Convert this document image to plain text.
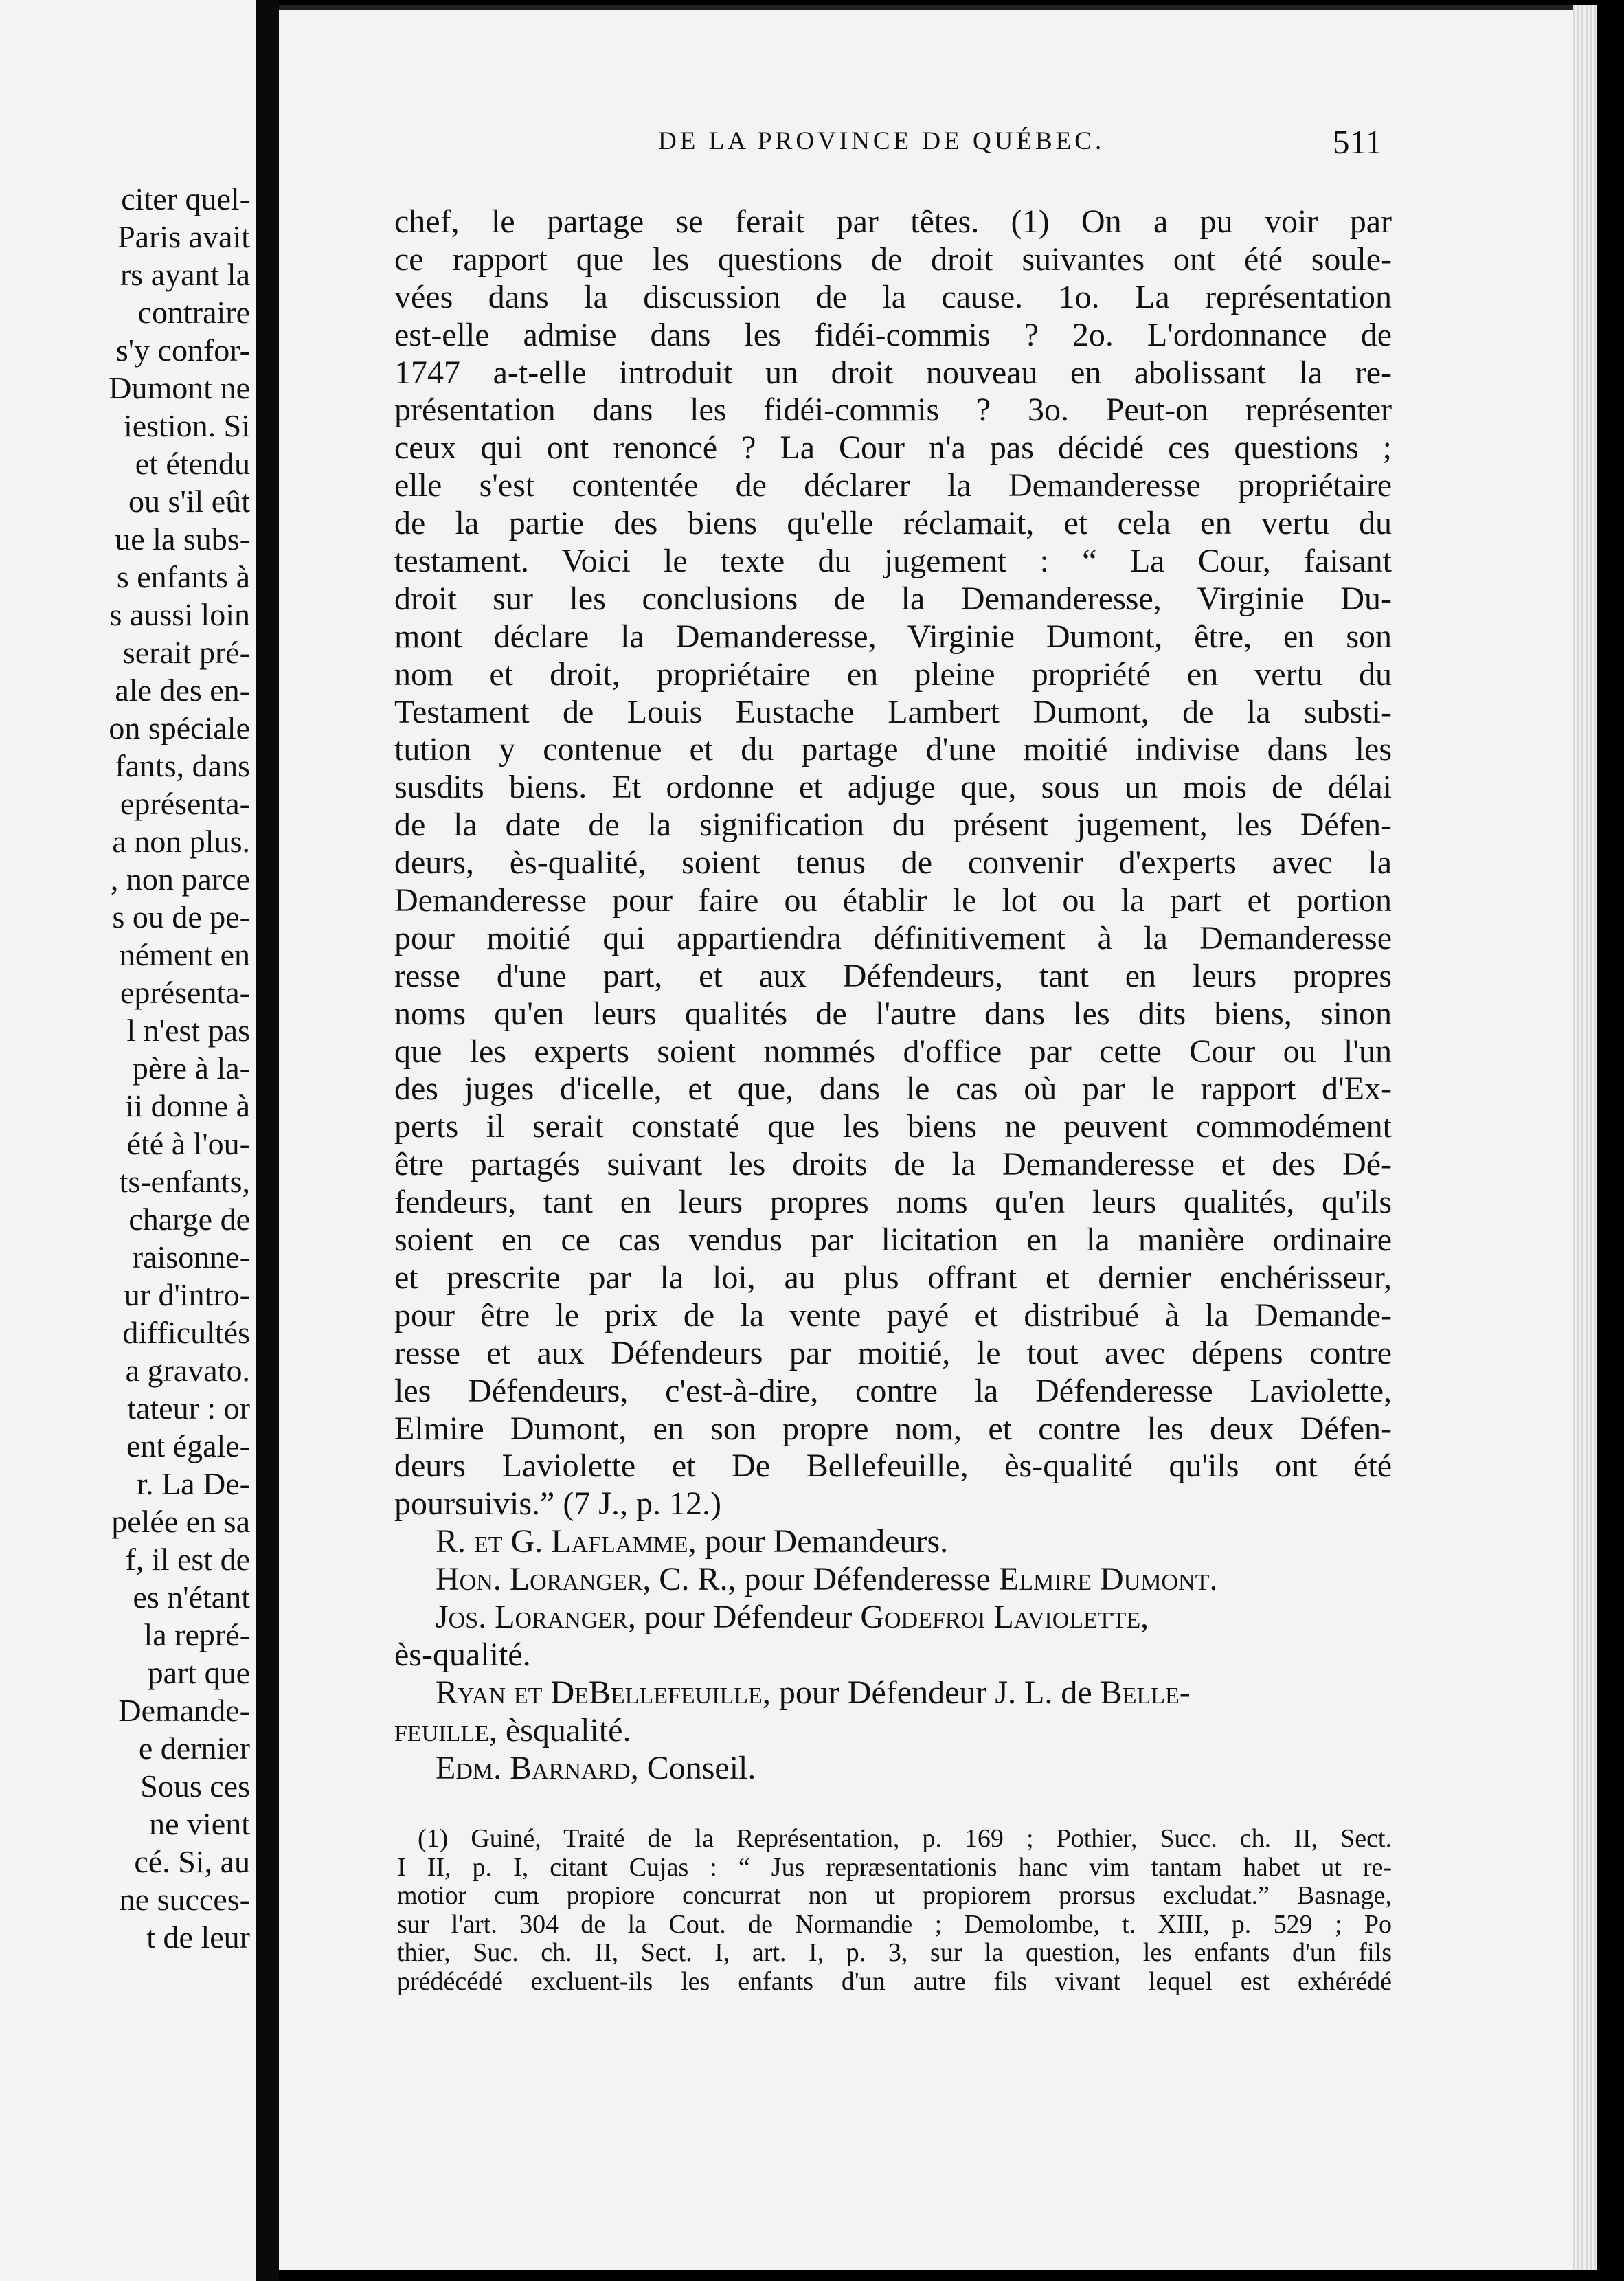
citer quel-
Paris avait
rs ayant la
contraire
s'y confor-
Dumont ne
iestion. Si
et étendu
ou s'il eût
ue la subs-
s enfants à
s aussi loin
serait pré-
ale des en-
on spéciale
fants, dans
eprésenta-
a non plus.
, non parce
s ou de pe-
nément en
eprésenta-
l n'est pas
père à la-
ii donne à
été à l'ou-
ts-enfants,
charge de
raisonne-
ur d'intro-
difficultés
a gravato.
tateur : or
ent égale-
r. La De-
pelée en sa
f, il est de
es n'étant
la repré-
part que
Demande-
e dernier
Sous ces
ne vient
cé. Si, au
ne succes-
t de leur
DE LA PROVINCE DE QUÉBEC.	511
chef, le partage se ferait par têtes. (1) On a pu voir par
ce rapport que les questions de droit suivantes ont été soule-
vées dans la discussion de la cause. 1o. La représentation
est-elle admise dans les fidéi-commis ? 2o. L'ordonnance de
1747 a-t-elle introduit un droit nouveau en abolissant la re-
présentation dans les fidéi-commis ? 3o. Peut-on représenter
ceux qui ont renoncé ? La Cour n'a pas décidé ces questions ;
elle s'est contentée de déclarer la Demanderesse propriétaire
de la partie des biens qu'elle réclamait, et cela en vertu du
testament. Voici le texte du jugement : “ La Cour, faisant
droit sur les conclusions de la Demanderesse, Virginie Du-
mont déclare la Demanderesse, Virginie Dumont, être, en son
nom et droit, propriétaire en pleine propriété en vertu du
Testament de Louis Eustache Lambert Dumont, de la substi-
tution y contenue et du partage d'une moitié indivise dans les
susdits biens. Et ordonne et adjuge que, sous un mois de délai
de la date de la signification du présent jugement, les Défen-
deurs, ès-qualité, soient tenus de convenir d'experts avec la
Demanderesse pour faire ou établir le lot ou la part et portion
pour moitié qui appartiendra définitivement à la Demanderesse
resse d'une part, et aux Défendeurs, tant en leurs propres
noms qu'en leurs qualités de l'autre dans les dits biens, sinon
que les experts soient nommés d'office par cette Cour ou l'un
des juges d'icelle, et que, dans le cas où par le rapport d'Ex-
perts il serait constaté que les biens ne peuvent commodément
être partagés suivant les droits de la Demanderesse et des Dé-
fendeurs, tant en leurs propres noms qu'en leurs qualités, qu'ils
soient en ce cas vendus par licitation en la manière ordinaire
et prescrite par la loi, au plus offrant et dernier enchérisseur,
pour être le prix de la vente payé et distribué à la Demande-
resse et aux Défendeurs par moitié, le tout avec dépens contre
les Défendeurs, c'est-à-dire, contre la Défenderesse Laviolette,
Elmire Dumont, en son propre nom, et contre les deux Défen-
deurs Laviolette et De Bellefeuille, ès-qualité qu'ils ont été
poursuivis.” (7 J., p. 12.)
R. et G. Laflamme, pour Demandeurs.
Hon. Loranger, C. R., pour Défenderesse Elmire Dumont.
Jos. Loranger, pour Défendeur Godefroi Laviolette,
ès-qualité.
Ryan et DeBellefeuille, pour Défendeur J. L. de Belle-
feuille, èsqualité.
Edm. Barnard, Conseil.
(1) Guiné, Traité de la Représentation, p. 169 ; Pothier, Succ. ch. II, Sect.
I II, p. I, citant Cujas : “ Jus repræsentationis hanc vim tantam habet ut re-
motior cum propiore concurrat non ut propiorem prorsus excludat.” Basnage,
sur l'art. 304 de la Cout. de Normandie ; Demolombe, t. XIII, p. 529 ; Po
thier, Suc. ch. II, Sect. I, art. I, p. 3, sur la question, les enfants d'un fils
prédécédé excluent-ils les enfants d'un autre fils vivant lequel est exhérédé
